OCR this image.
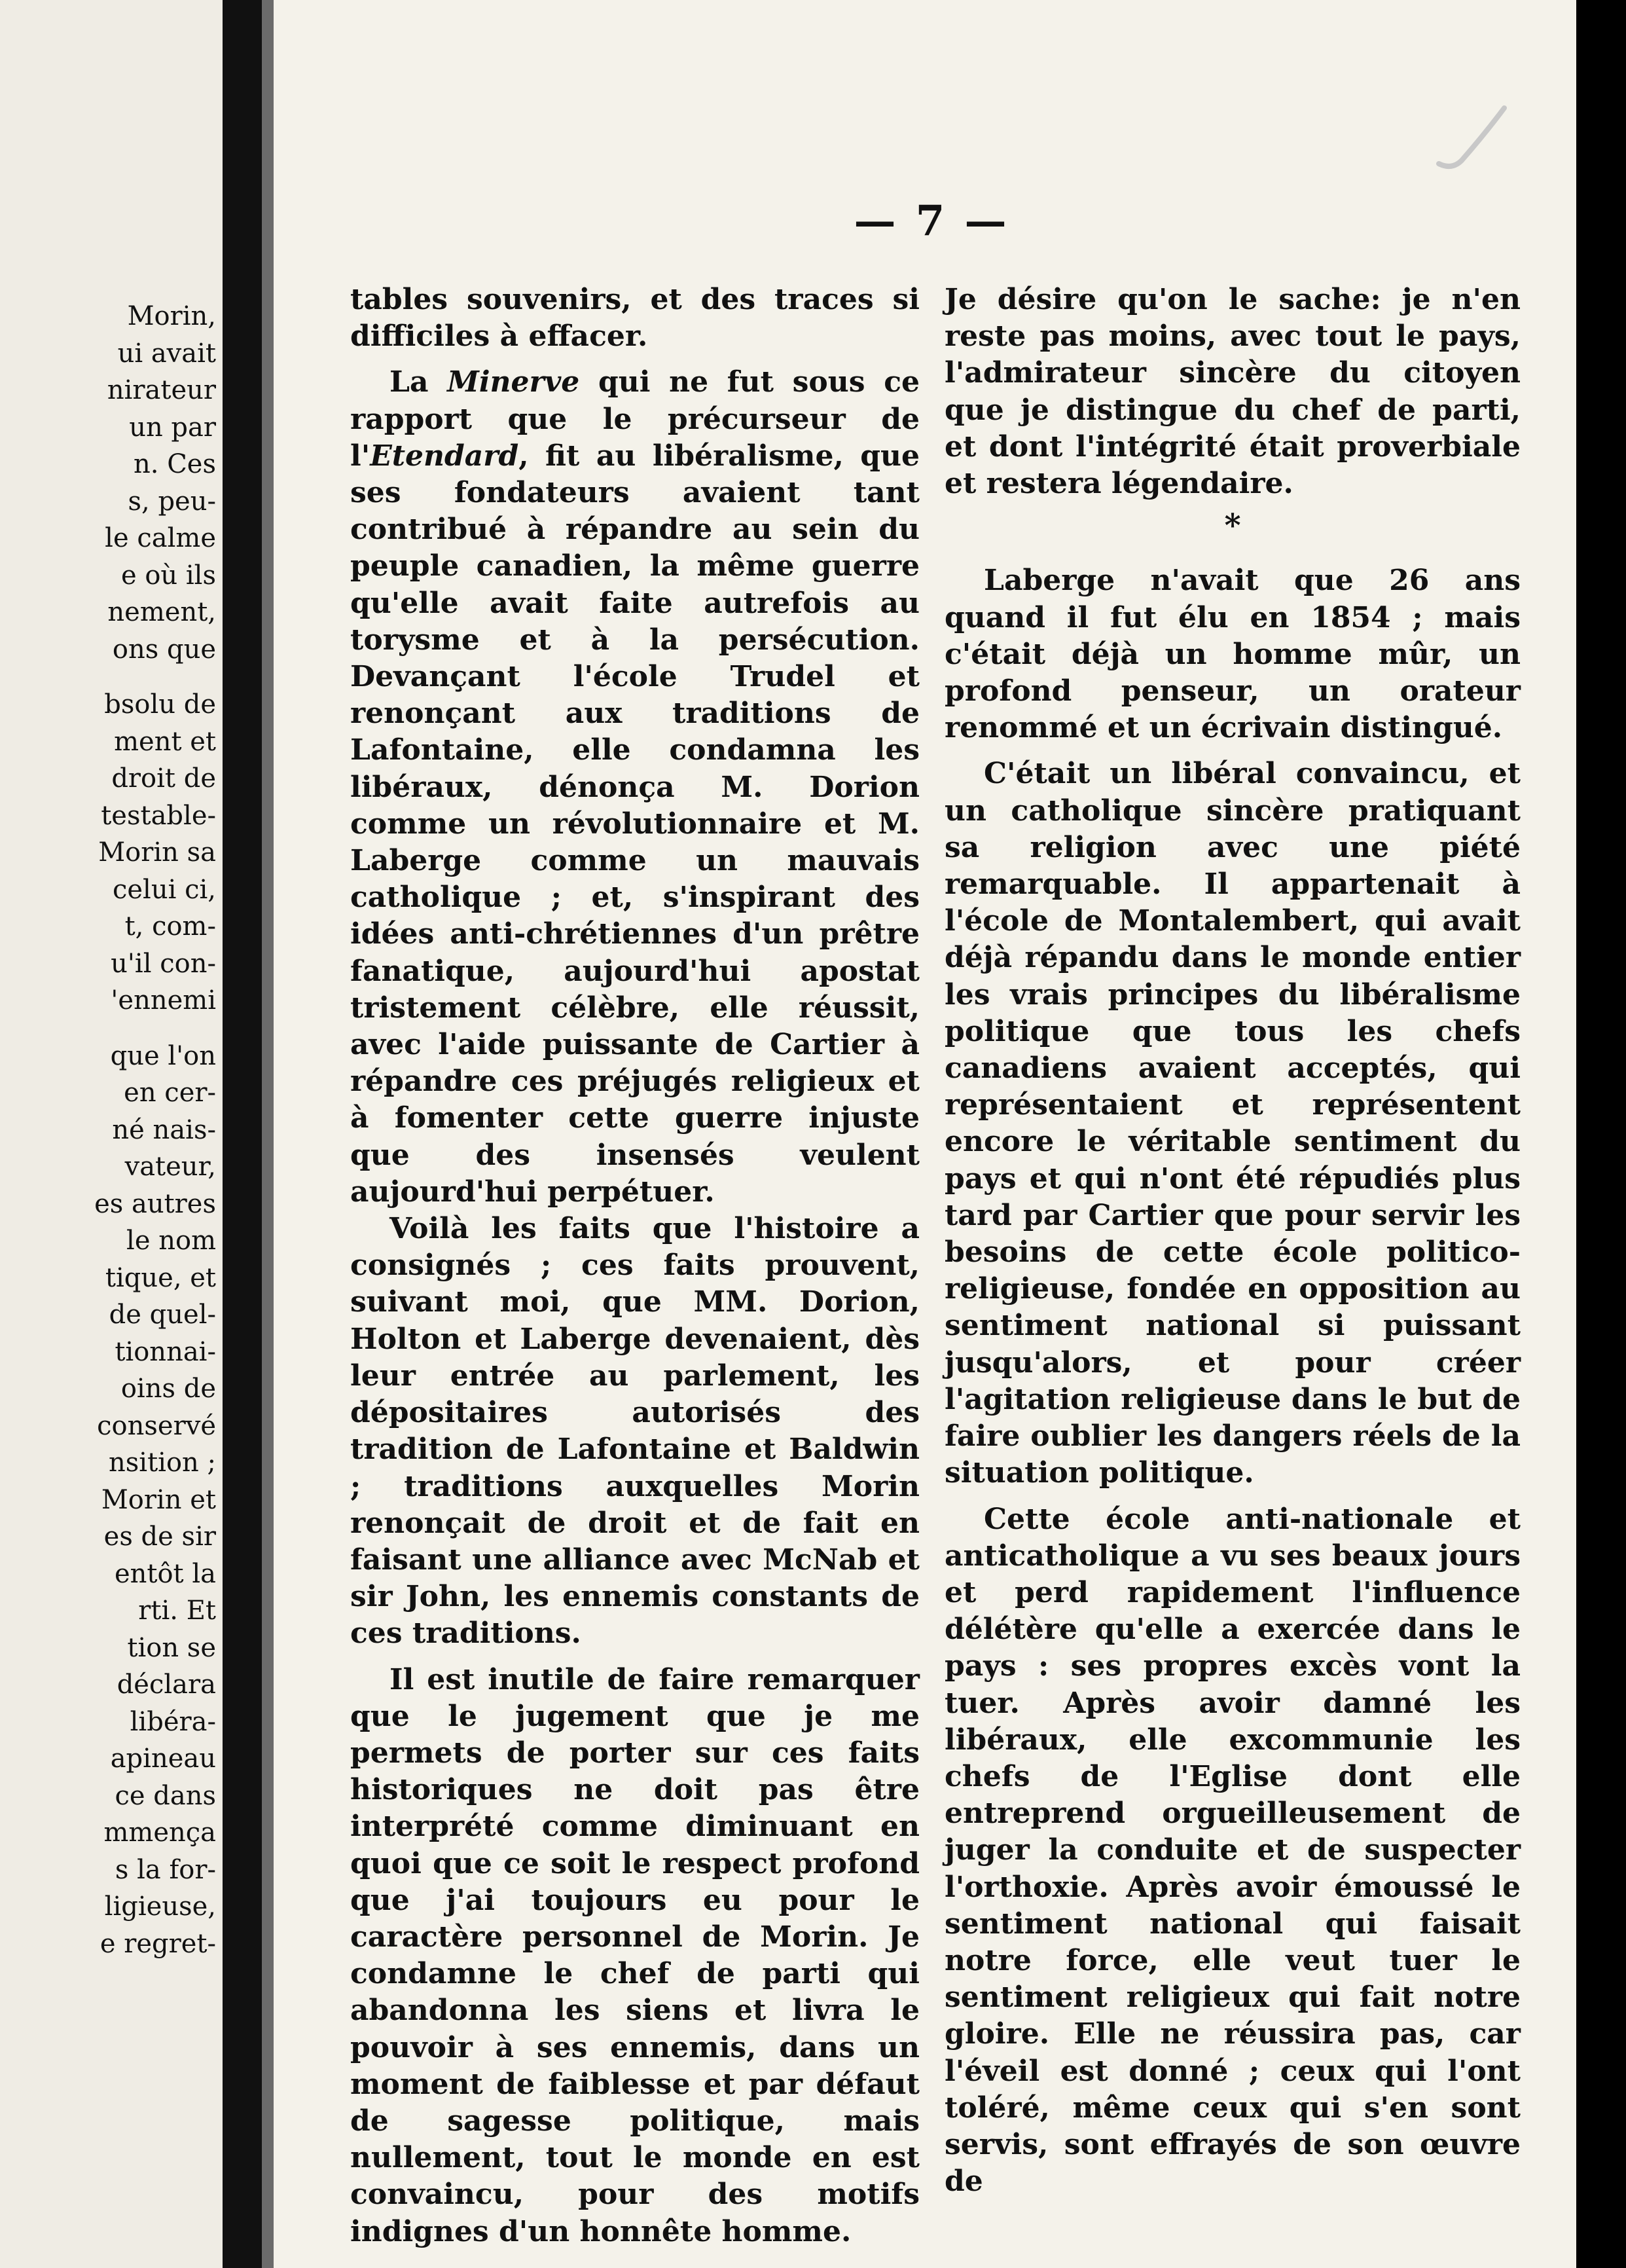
Morin,
ui avait
nirateur
un par
n. Ces
s, peu-
le calme
e où ils
nement,
ons que
bsolu de
ment et
droit de
testable-
Morin sa
celui ci,
t, com-
u'il con-
'ennemi
que l'on
en cer-
né nais-
vateur,
es autres
le nom
tique, et
de quel-
tionnai-
oins de
conservé
nsition ;
Morin et
es de sir
entôt la
rti. Et
tion se
déclara
libéra-
apineau
ce dans
mmença
s la for-
ligieuse,
e regret-
— 7 —

tables souvenirs, et des traces si difficiles à effacer.

La Minerve qui ne fut sous ce rapport que le précurseur de l'Etendard, fit au libéralisme, que ses fondateurs avaient tant contribué à répandre au sein du peuple canadien, la même guerre qu'elle avait faite autrefois au torysme et à la persécution. Devançant l'école Trudel et renonçant aux traditions de Lafontaine, elle condamna les libéraux, dénonça M. Dorion comme un révolutionnaire et M. Laberge comme un mauvais catholique ; et, s'inspirant des idées anti-chrétiennes d'un prêtre fanatique, aujourd'hui apostat tristement célèbre, elle réussit, avec l'aide puissante de Cartier à répandre ces préjugés religieux et à fomenter cette guerre injuste que des insensés veulent aujourd'hui perpétuer.

Voilà les faits que l'histoire a consignés ; ces faits prouvent, suivant moi, que MM. Dorion, Holton et Laberge devenaient, dès leur entrée au parlement, les dépositaires autorisés des tradition de Lafontaine et Baldwin ; traditions auxquelles Morin renonçait de droit et de fait en faisant une alliance avec McNab et sir John, les ennemis constants de ces traditions.

Il est inutile de faire remarquer que le jugement que je me permets de porter sur ces faits historiques ne doit pas être interprété comme diminuant en quoi que ce soit le respect profond que j'ai toujours eu pour le caractère personnel de Morin. Je condamne le chef de parti qui abandonna les siens et livra le pouvoir à ses ennemis, dans un moment de faiblesse et par défaut de sagesse politique, mais nullement, tout le monde en est convaincu, pour des motifs indignes d'un honnête homme.

Je désire qu'on le sache: je n'en reste pas moins, avec tout le pays, l'admirateur sincère du citoyen que je distingue du chef de parti, et dont l'intégrité était proverbiale et restera légendaire.

*

Laberge n'avait que 26 ans quand il fut élu en 1854 ; mais c'était déjà un homme mûr, un profond penseur, un orateur renommé et un écrivain distingué.

C'était un libéral convaincu, et un catholique sincère pratiquant sa religion avec une piété remarquable. Il appartenait à l'école de Montalembert, qui avait déjà répandu dans le monde entier les vrais principes du libéralisme politique que tous les chefs canadiens avaient acceptés, qui représentaient et représentent encore le véritable sentiment du pays et qui n'ont été répudiés plus tard par Cartier que pour servir les besoins de cette école politico-religieuse, fondée en opposition au sentiment national si puissant jusqu'alors, et pour créer l'agitation religieuse dans le but de faire oublier les dangers réels de la situation politique.

Cette école anti-nationale et anticatholique a vu ses beaux jours et perd rapidement l'influence délétère qu'elle a exercée dans le pays : ses propres excès vont la tuer. Après avoir damné les libéraux, elle excommunie les chefs de l'Eglise dont elle entreprend orgueilleusement de juger la conduite et de suspecter l'orthoxie. Après avoir émoussé le sentiment national qui faisait notre force, elle veut tuer le sentiment religieux qui fait notre gloire. Elle ne réussira pas, car l'éveil est donné ; ceux qui l'ont toléré, même ceux qui s'en sont servis, sont effrayés de son œuvre de
